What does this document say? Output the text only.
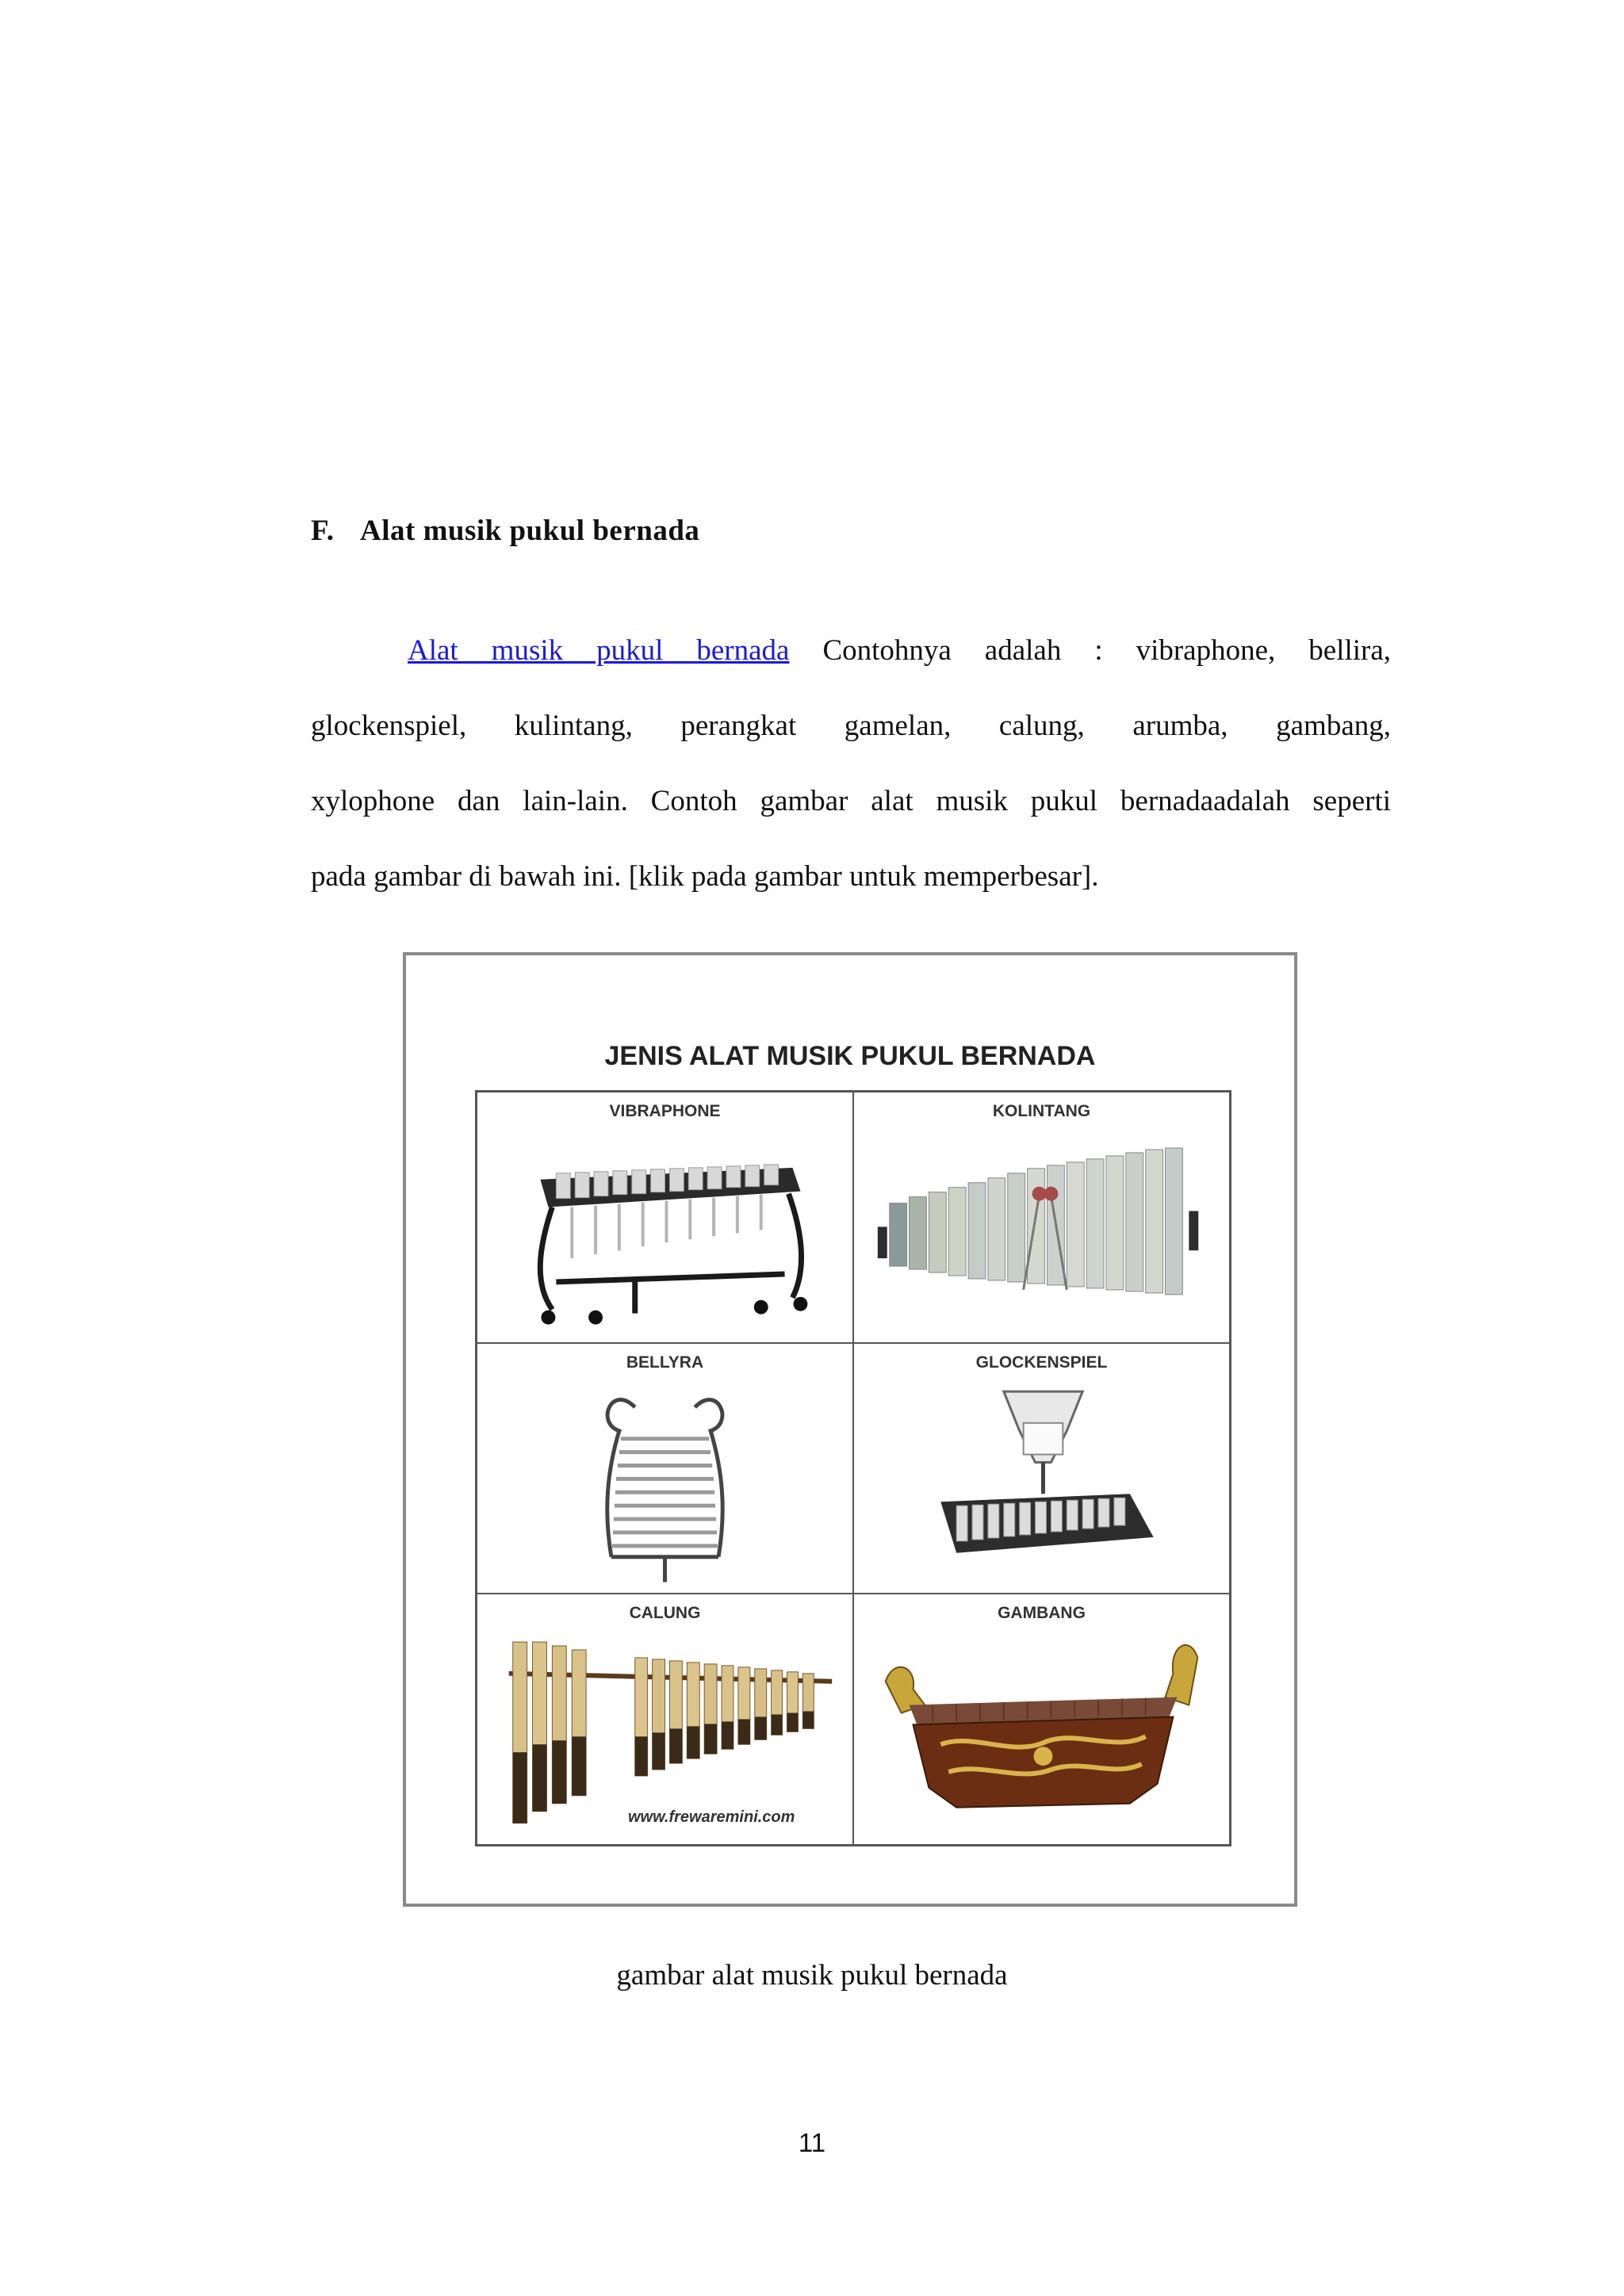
F. Alat musik pukul bernada
Alat musik pukul bernada Contohnya adalah : vibraphone, bellira,
glockenspiel, kulintang, perangkat gamelan, calung, arumba, gambang,
xylophone dan lain-lain. Contoh gambar alat musik pukul bernadaadalah seperti
pada gambar di bawah ini. [klik pada gambar untuk memperbesar].
JENIS ALAT MUSIK PUKUL BERNADA
VIBRAPHONE	KOLINTANG
BELLYRA	GLOCKENSPIEL
CALUNG
www.frewaremini.com
GAMBANG
gambar alat musik pukul bernada
11
